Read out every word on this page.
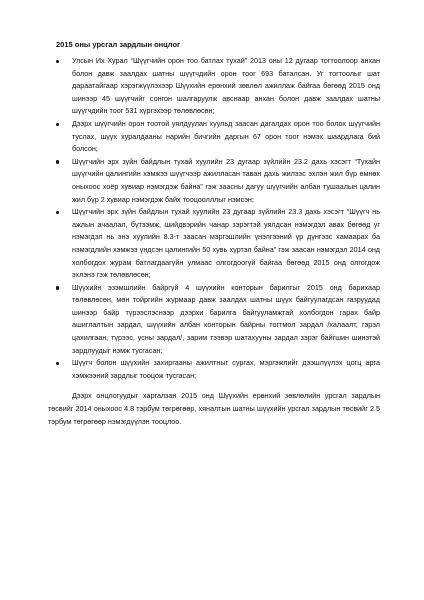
2015 оны урсгал зардлын онцлог
Улсын Их Хурал “Шүүгчийн орон тоо батлах тухай” 2013 оны 12 дугаар тогтоолоор анхан болон давж заалдах шатны шүүгчдийн орон тоог 693 баталсан. Уг тогтоолыг шат дараатайгаар хэрэгжүүлэхээр Шүүхийн ерөнхий зөвлөл ажиллаж байгаа бөгөөд 2015 онд шинээр 45 шүүгчийг сонгон шалгаруулж авснаар анхан болон давж заалдах шатны шүүгчдийн тоог 531 хүргэхээр төлөвлөсөн;
Дээрх шүүгчийн орон тоотой уялдуулан хуульд заасан дагалдах орон тоо болох шүүгчийн туслах, шүүх хуралдааны нарийн бичгийн даргын 67 орон тоог нэмэх шаардлага бий болсон;
Шүүгчийн эрх зүйн байдлын тухай хуулийн 23 дугаар зүйлийн 23.2 дахь хэсэгт “Тухайн шүүгчийн цалингийн хэмжээ шүүгчээр ажилласан таван дахь жилээс эхлэн жил бүр өмнөх оныхоос хоёр хувиар нэмэгдэж байна” гэж заасны дагуу шүүгчийн албан тушаалын цалин жил бүр 2 хувиар нэмэгдэж байх тооцоолллыг нэмсэн;
Шүүгчийн эрх зүйн байдлын тухай хуулийн 23 дугаар зүйлийн 23.3 дахь хэсэгт “Шүүгч нь ажлын ачаалал, бүтээмж, шийдвэрийн чанар зэрэгтэй уялдсан нэмэгдэл авах бөгөөд уг нэмэгдэл нь энэ хуулийн 8.3-т заасан мэргэшлийн үнэлгээний үр дүнгээс хамаарах ба нэмэгдлийн хэмжээ үндсэн цалингийн 50 хувь хүртэл байна” гэж заасан нэмэгдэл 2014 онд холбогдох журам батлагдаагүйн улмаас олгогдоогүй байгаа бөгөөд 2015 онд олгогдож эхлэнэ гэж төлөвлөсөн;
Шүүхийн эзэмшлийн байргүй 4 шүүхийн конторын барилгыг 2015 онд барихаар төлөвлөсөн, мөн тойргийн журмаар давж заалдах шатны шүүх байгуулагдсан газруудад шинээр байр түрээслэснээр дээрхи барилга байгууламжтай холбогдон гарах байр ашиглалтын зардал, шүүхийн албан конторын байрны тогтмол зардал /халаалт, гэрэл цахилгаан, түрээс, усны зардал/, зарим тээвэр шатахууны зардал зэрэг байгшин шинэтэй зардлуудыг нэмж тусгасан;
Шүүгч болон шүүхийн захиргааны ажилтныг сургах, мэргэжлийг дээшлүүлэх цогц арга хэмжээний зардлыг тооцож тусгасан;

Дээрх онцлогуудыг харгалзан 2015 онд Шүүхийн ерөнхий зөвлөлийн урсгал зардлын төсвийг 2014 оныхоос 4.8 тэрбум төгрөгөөр, хяналтын шатны шүүхийн урсгал зардлын төсвийг 2.5 тэрбум төгрөгөөр нэмэгдүүлэн тооцлоо.
